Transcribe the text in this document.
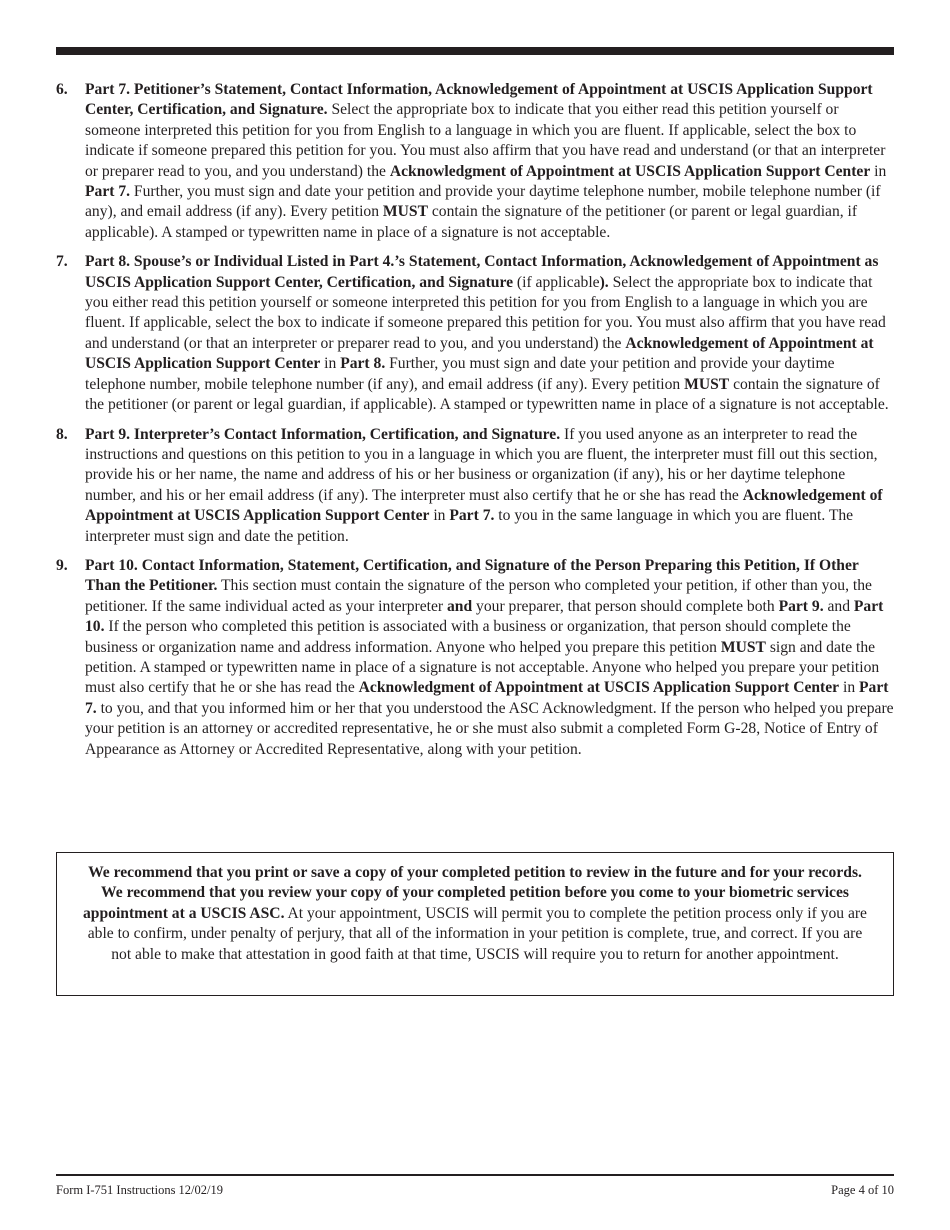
6. Part 7. Petitioner’s Statement, Contact Information, Acknowledgement of Appointment at USCIS Application Support Center, Certification, and Signature. Select the appropriate box to indicate that you either read this petition yourself or someone interpreted this petition for you from English to a language in which you are fluent. If applicable, select the box to indicate if someone prepared this petition for you. You must also affirm that you have read and understand (or that an interpreter or preparer read to you, and you understand) the Acknowledgment of Appointment at USCIS Application Support Center in Part 7. Further, you must sign and date your petition and provide your daytime telephone number, mobile telephone number (if any), and email address (if any). Every petition MUST contain the signature of the petitioner (or parent or legal guardian, if applicable). A stamped or typewritten name in place of a signature is not acceptable.
7. Part 8. Spouse’s or Individual Listed in Part 4.’s Statement, Contact Information, Acknowledgement of Appointment as USCIS Application Support Center, Certification, and Signature (if applicable). Select the appropriate box to indicate that you either read this petition yourself or someone interpreted this petition for you from English to a language in which you are fluent. If applicable, select the box to indicate if someone prepared this petition for you. You must also affirm that you have read and understand (or that an interpreter or preparer read to you, and you understand) the Acknowledgement of Appointment at USCIS Application Support Center in Part 8. Further, you must sign and date your petition and provide your daytime telephone number, mobile telephone number (if any), and email address (if any). Every petition MUST contain the signature of the petitioner (or parent or legal guardian, if applicable). A stamped or typewritten name in place of a signature is not acceptable.
8. Part 9. Interpreter’s Contact Information, Certification, and Signature. If you used anyone as an interpreter to read the instructions and questions on this petition to you in a language in which you are fluent, the interpreter must fill out this section, provide his or her name, the name and address of his or her business or organization (if any), his or her daytime telephone number, and his or her email address (if any). The interpreter must also certify that he or she has read the Acknowledgement of Appointment at USCIS Application Support Center in Part 7. to you in the same language in which you are fluent. The interpreter must sign and date the petition.
9. Part 10. Contact Information, Statement, Certification, and Signature of the Person Preparing this Petition, If Other Than the Petitioner. This section must contain the signature of the person who completed your petition, if other than you, the petitioner. If the same individual acted as your interpreter and your preparer, that person should complete both Part 9. and Part 10. If the person who completed this petition is associated with a business or organization, that person should complete the business or organization name and address information. Anyone who helped you prepare this petition MUST sign and date the petition. A stamped or typewritten name in place of a signature is not acceptable. Anyone who helped you prepare your petition must also certify that he or she has read the Acknowledgment of Appointment at USCIS Application Support Center in Part 7. to you, and that you informed him or her that you understood the ASC Acknowledgment. If the person who helped you prepare your petition is an attorney or accredited representative, he or she must also submit a completed Form G-28, Notice of Entry of Appearance as Attorney or Accredited Representative, along with your petition.
We recommend that you print or save a copy of your completed petition to review in the future and for your records. We recommend that you review your copy of your completed petition before you come to your biometric services appointment at a USCIS ASC. At your appointment, USCIS will permit you to complete the petition process only if you are able to confirm, under penalty of perjury, that all of the information in your petition is complete, true, and correct. If you are not able to make that attestation in good faith at that time, USCIS will require you to return for another appointment.
Form I-751 Instructions 12/02/19	Page 4 of 10
